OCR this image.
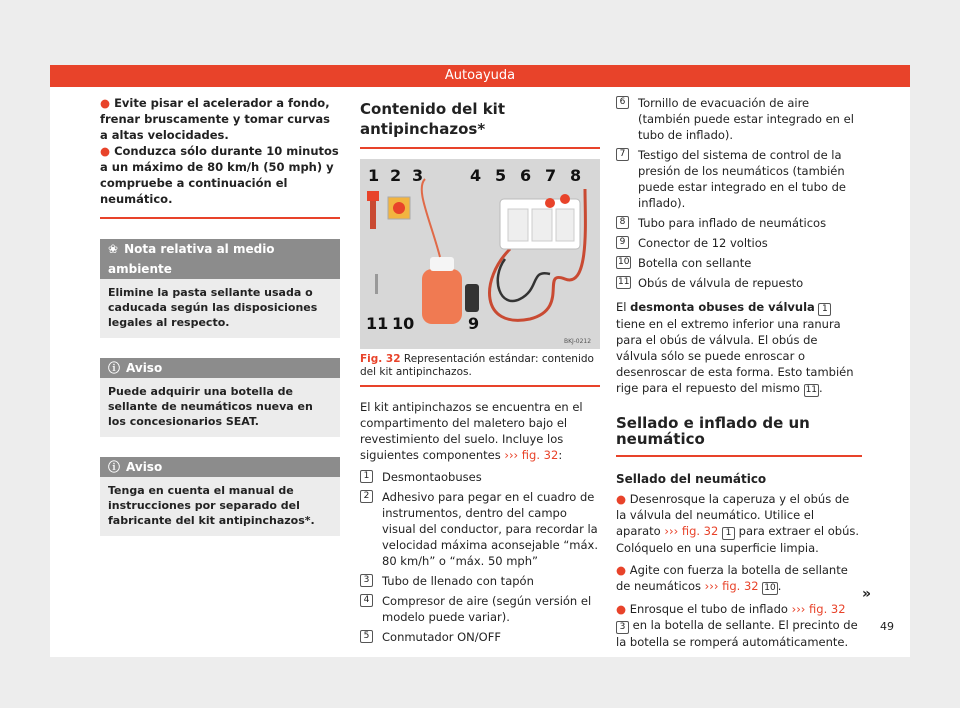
Autoayuda

● Evite pisar el acelerador a fondo, frenar bruscamente y tomar curvas a altas velocidades.

● Conduzca sólo durante 10 minutos a un máximo de 80 km/h (50 mph) y compruebe a continuación el neumático.

❀ Nota relativa al medio ambiente
Elimine la pasta sellante usada o caducada según las disposiciones legales al respecto.
ⓘ Aviso
Puede adquirir una botella de sellante de neumáticos nueva en los concesionarios SEAT.
ⓘ Aviso
Tenga en cuenta el manual de instrucciones por separado del fabricante del kit antipinchazos*.
Contenido del kit antipinchazos*
1 2 3	4 5 6 7 8
9
10
11
BKJ-0212
Fig. 32 Representación estándar: contenido del kit antipinchazos.

El kit antipinchazos se encuentra en el compartimento del maletero bajo el revestimiento del suelo. Incluye los siguientes componentes ››› fig. 32:

1	Desmontaobuses
2	Adhesivo para pegar en el cuadro de instrumentos, dentro del campo visual del conductor, para recordar la velocidad máxima aconsejable “máx. 80 km/h” o “máx. 50 mph”
3	Tubo de llenado con tapón
4	Compresor de aire (según versión el modelo puede variar).
5	Conmutador ON/OFF
6	Tornillo de evacuación de aire (también puede estar integrado en el tubo de inflado).
7	Testigo del sistema de control de la presión de los neumáticos (también puede estar integrado en el tubo de inflado).
8	Tubo para inflado de neumáticos
9	Conector de 12 voltios
10 Botella con sellante
11 Obús de válvula de repuesto

El desmonta obuses de válvula 1 tiene en el extremo inferior una ranura para el obús de válvula. El obús de válvula sólo se puede enroscar o desenroscar de esta forma. Esto también rige para el repuesto del mismo 11 .

Sellado e inflado de un neumático
Sellado del neumático

● Desenrosque la caperuza y el obús de la válvula del neumático. Utilice el aparato ››› fig. 32 1 para extraer el obús. Colóquelo en una superficie limpia.

● Agite con fuerza la botella de sellante de neumáticos ››› fig. 32 10 .

● Enrosque el tubo de inflado ››› fig. 32 3 en la botella de sellante. El precinto de la botella se romperá automáticamente.

»
49
